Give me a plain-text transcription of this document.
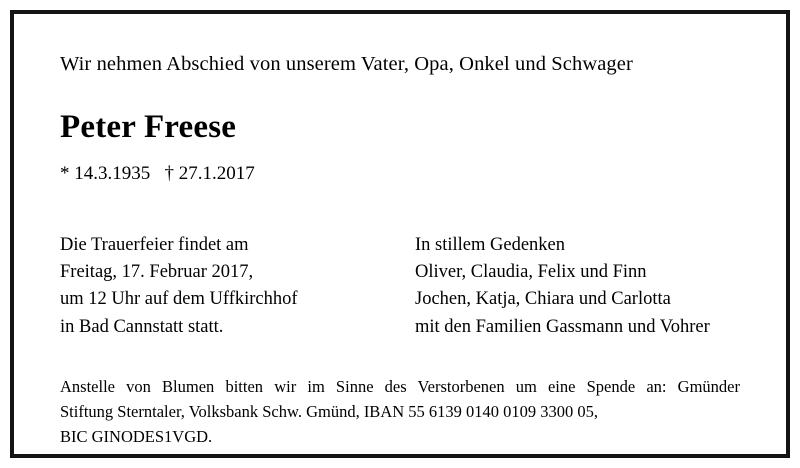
Wir nehmen Abschied von unserem Vater, Opa, Onkel und Schwager
Peter Freese
* 14.3.1935   † 27.1.2017
Die Trauerfeier findet am
Freitag, 17. Februar 2017,
um 12 Uhr auf dem Uffkirchhof
in Bad Cannstatt statt.
In stillem Gedenken
Oliver, Claudia, Felix und Finn
Jochen, Katja, Chiara und Carlotta
mit den Familien Gassmann und Vohrer
Anstelle von Blumen bitten wir im Sinne des Verstorbenen um eine Spende an: Gmünder
Stiftung Sterntaler, Volksbank Schw. Gmünd, IBAN 55 6139 0140 0109 3300 05,
BIC GINODES1VGD.
